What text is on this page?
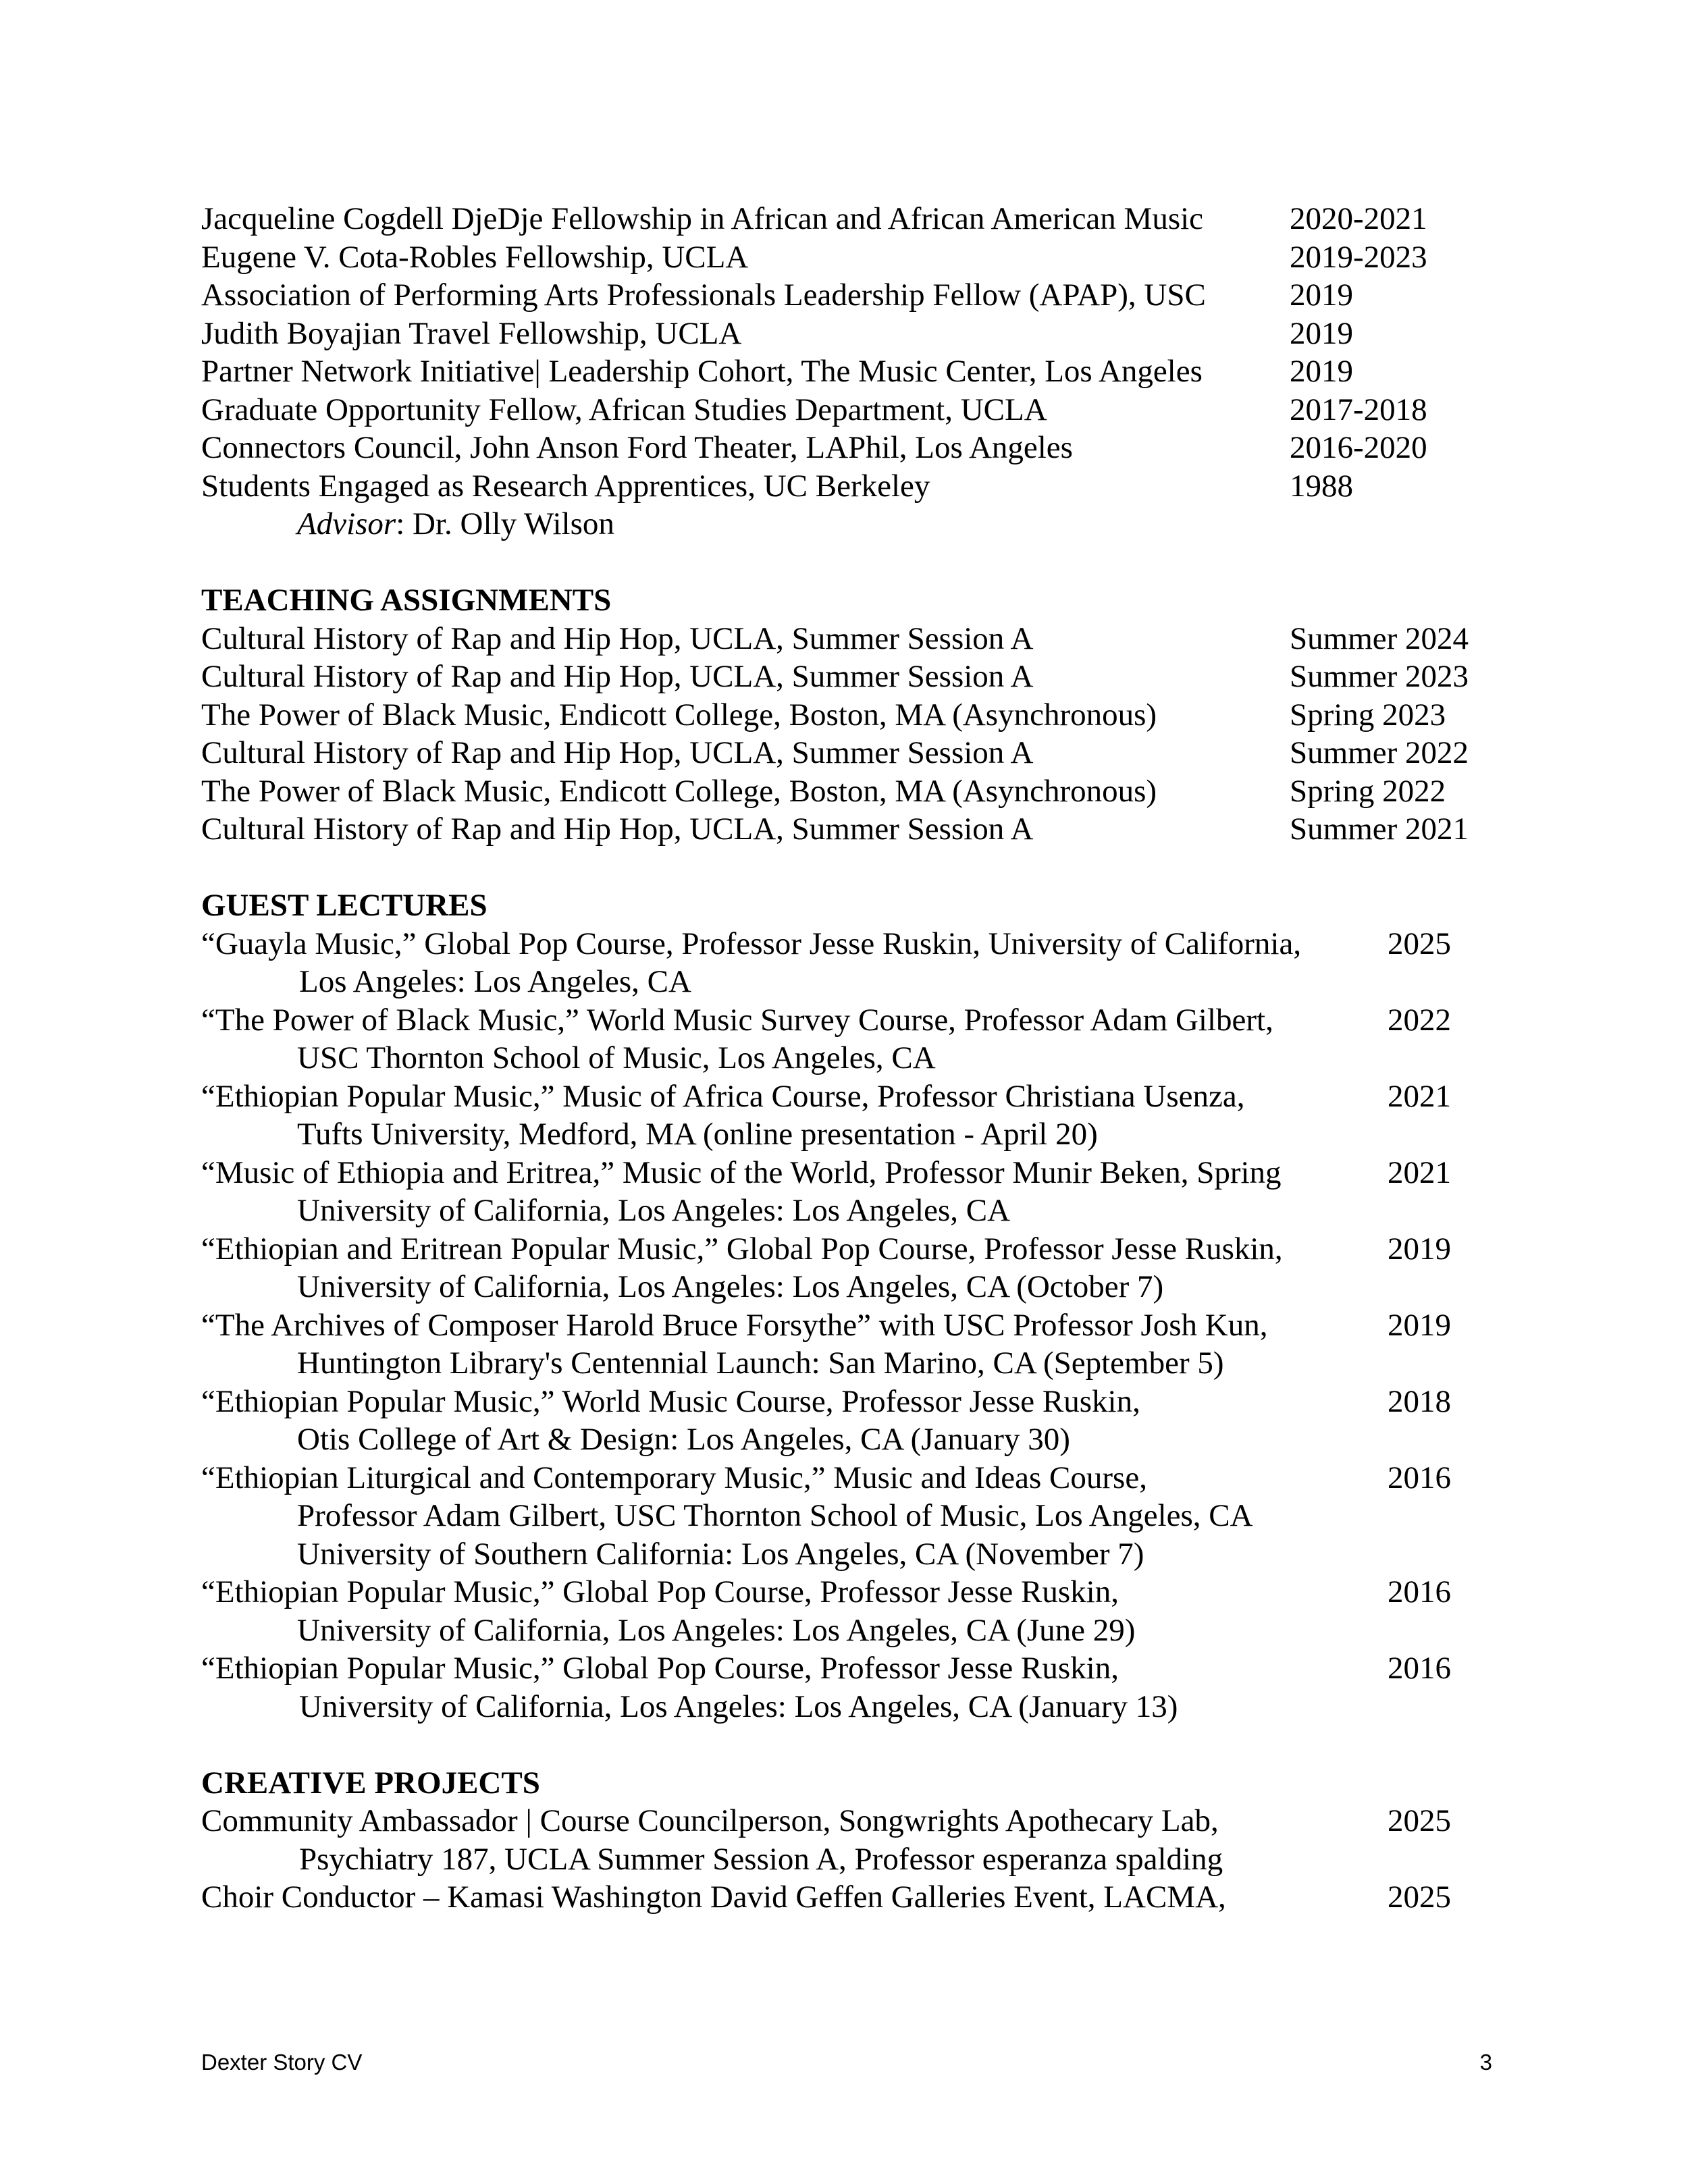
Jacqueline Cogdell DjeDje Fellowship in African and African American Music	2020-2021
Eugene V. Cota-Robles Fellowship, UCLA	2019-2023
Association of Performing Arts Professionals Leadership Fellow (APAP), USC	2019
Judith Boyajian Travel Fellowship, UCLA	2019
Partner Network Initiative| Leadership Cohort, The Music Center, Los Angeles	2019
Graduate Opportunity Fellow, African Studies Department, UCLA	2017-2018
Connectors Council, John Anson Ford Theater, LAPhil, Los Angeles	2016-2020
Students Engaged as Research Apprentices, UC Berkeley	1988
Advisor: Dr. Olly Wilson
TEACHING ASSIGNMENTS
Cultural History of Rap and Hip Hop, UCLA, Summer Session A	Summer 2024
Cultural History of Rap and Hip Hop, UCLA, Summer Session A	Summer 2023
The Power of Black Music, Endicott College, Boston, MA (Asynchronous)	Spring 2023
Cultural History of Rap and Hip Hop, UCLA, Summer Session A	Summer 2022
The Power of Black Music, Endicott College, Boston, MA (Asynchronous)	Spring 2022
Cultural History of Rap and Hip Hop, UCLA, Summer Session A	Summer 2021
GUEST LECTURES
“Guayla Music,” Global Pop Course, Professor Jesse Ruskin, University of California,	2025
Los Angeles: Los Angeles, CA
“The Power of Black Music,” World Music Survey Course, Professor Adam Gilbert,	2022
USC Thornton School of Music, Los Angeles, CA
“Ethiopian Popular Music,” Music of Africa Course, Professor Christiana Usenza,	2021
Tufts University, Medford, MA (online presentation - April 20)
“Music of Ethiopia and Eritrea,” Music of the World, Professor Munir Beken, Spring	2021
University of California, Los Angeles: Los Angeles, CA
“Ethiopian and Eritrean Popular Music,” Global Pop Course, Professor Jesse Ruskin,	2019
University of California, Los Angeles: Los Angeles, CA (October 7)
“The Archives of Composer Harold Bruce Forsythe” with USC Professor Josh Kun,	2019
Huntington Library's Centennial Launch: San Marino, CA (September 5)
“Ethiopian Popular Music,” World Music Course, Professor Jesse Ruskin,	2018
Otis College of Art & Design: Los Angeles, CA (January 30)
“Ethiopian Liturgical and Contemporary Music,” Music and Ideas Course,	2016
Professor Adam Gilbert, USC Thornton School of Music, Los Angeles, CA
University of Southern California: Los Angeles, CA (November 7)
“Ethiopian Popular Music,” Global Pop Course, Professor Jesse Ruskin,	2016
University of California, Los Angeles: Los Angeles, CA (June 29)
“Ethiopian Popular Music,” Global Pop Course, Professor Jesse Ruskin,	2016
University of California, Los Angeles: Los Angeles, CA (January 13)
CREATIVE PROJECTS
Community Ambassador | Course Councilperson, Songwrights Apothecary Lab,	2025
Psychiatry 187, UCLA Summer Session A, Professor esperanza spalding
Choir Conductor – Kamasi Washington David Geffen Galleries Event, LACMA,	2025
Dexter Story CV	3
